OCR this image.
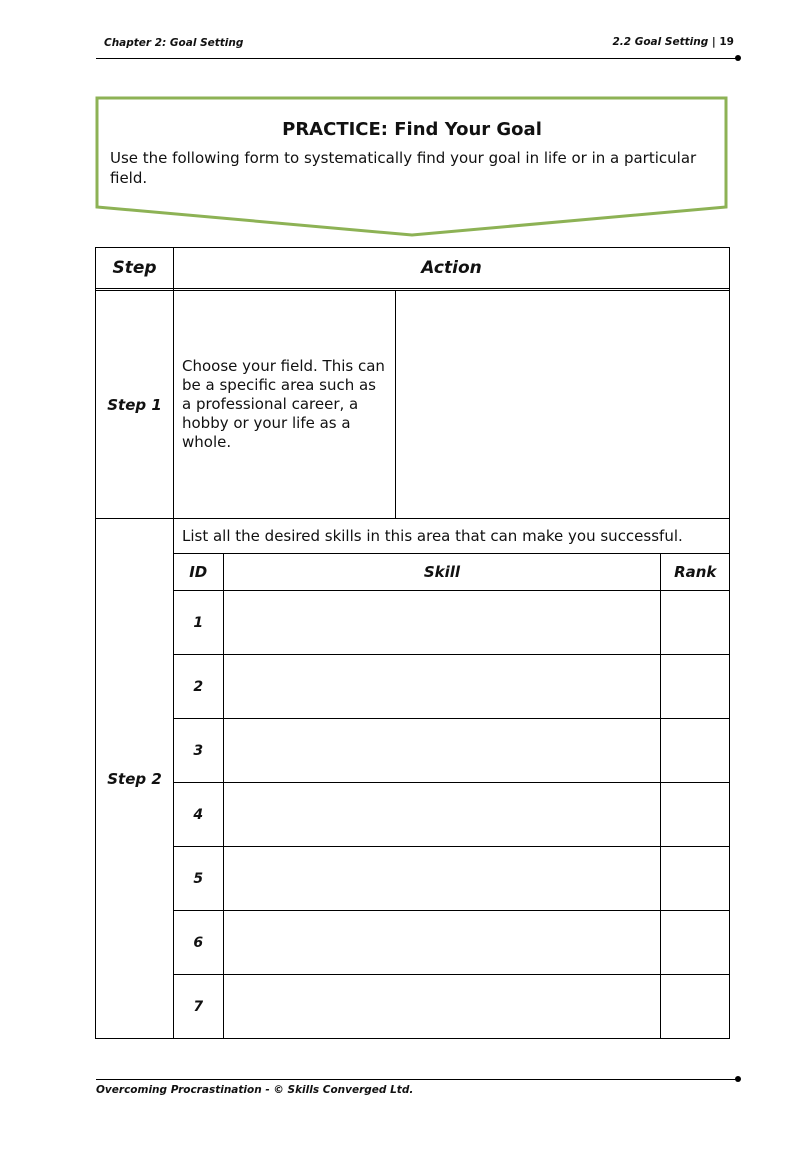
Chapter 2: Goal Setting	2.2 Goal Setting | 19
PRACTICE: Find Your Goal
Use the following form to systematically find your goal in life or in a particular field.
Step	Action

Step 1	Choose your field. This can be a specific area such as a professional career, a hobby or your life as a whole.	
Step 2	
List all the desired skills in this area that can make you successful.
ID	Skill	Rank
1		
2		
3		
4		
5		
6		
7		
Overcoming Procrastination - © Skills Converged Ltd.
